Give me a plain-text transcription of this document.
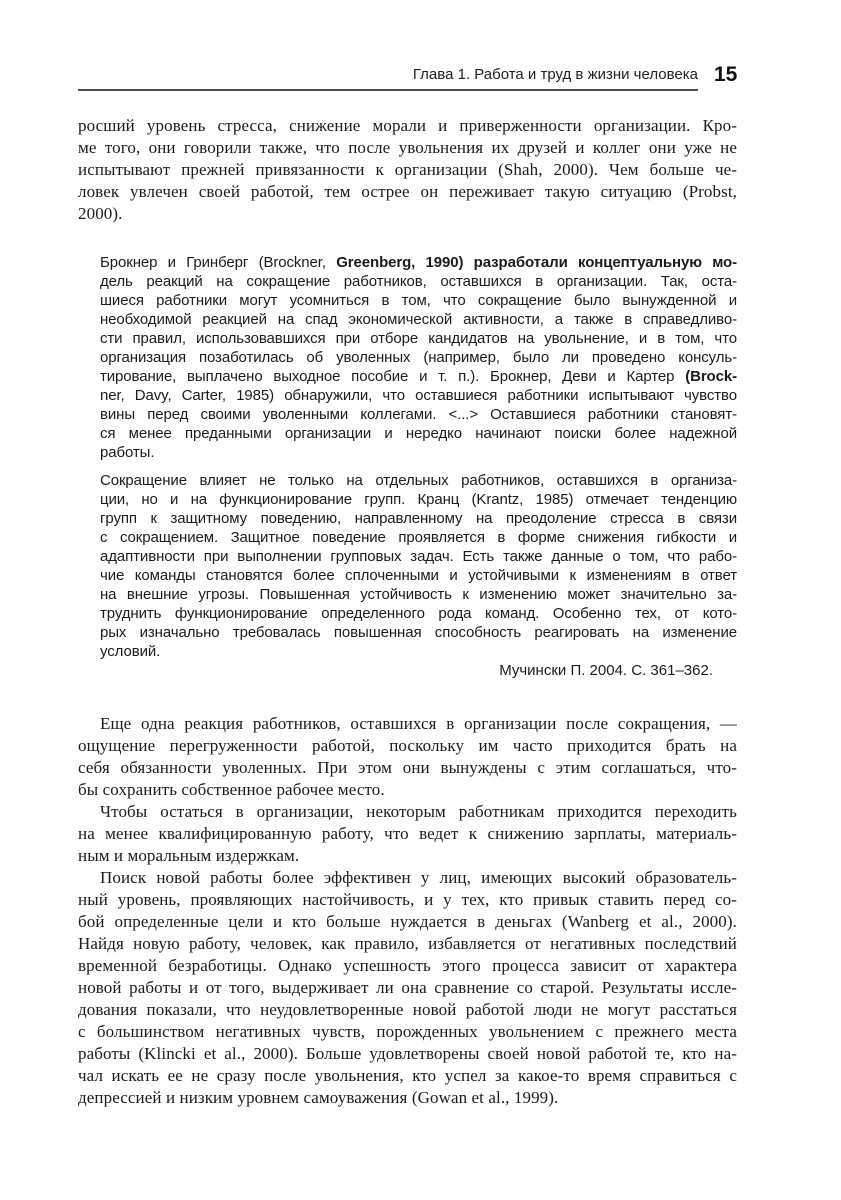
Глава 1. Работа и труд в жизни человека 15
росший уровень стресса, снижение морали и приверженности организации. Кро-
ме того, они говорили также, что после увольнения их друзей и коллег они уже не
испытывают прежней привязанности к организации (Shah, 2000). Чем больше че-
ловек увлечен своей работой, тем острее он переживает такую ситуацию (Probst,
2000).
Брокнер и Гринберг (Brockner, Greenberg, 1990) разработали концептуальную мо-
дель реакций на сокращение работников, оставшихся в организации. Так, оста-
шиеся работники могут усомниться в том, что сокращение было вынужденной и
необходимой реакцией на спад экономической активности, а также в справедливо-
сти правил, использовавшихся при отборе кандидатов на увольнение, и в том, что
организация позаботилась об уволенных (например, было ли проведено консуль-
тирование, выплачено выходное пособие и т. п.). Брокнер, Деви и Картер (Brock-
ner, Davy, Carter, 1985) обнаружили, что оставшиеся работники испытывают чувство
вины перед своими уволенными коллегами. <...> Оставшиеся работники становят-
ся менее преданными организации и нередко начинают поиски более надежной
работы.
Сокращение влияет не только на отдельных работников, оставшихся в организа-
ции, но и на функционирование групп. Кранц (Krantz, 1985) отмечает тенденцию
групп к защитному поведению, направленному на преодоление стресса в связи
с сокращением. Защитное поведение проявляется в форме снижения гибкости и
адаптивности при выполнении групповых задач. Есть также данные о том, что рабо-
чие команды становятся более сплоченными и устойчивыми к изменениям в ответ
на внешние угрозы. Повышенная устойчивость к изменению может значительно за-
труднить функционирование определенного рода команд. Особенно тех, от кото-
рых изначально требовалась повышенная способность реагировать на изменение
условий.
Мучински П. 2004. С. 361–362.
Еще одна реакция работников, оставшихся в организации после сокращения, —
ощущение перегруженности работой, поскольку им часто приходится брать на
себя обязанности уволенных. При этом они вынуждены с этим соглашаться, что-
бы сохранить собственное рабочее место.
Чтобы остаться в организации, некоторым работникам приходится переходить
на менее квалифицированную работу, что ведет к снижению зарплаты, материаль-
ным и моральным издержкам.
Поиск новой работы более эффективен у лиц, имеющих высокий образователь-
ный уровень, проявляющих настойчивость, и у тех, кто привык ставить перед со-
бой определенные цели и кто больше нуждается в деньгах (Wanberg et al., 2000).
Найдя новую работу, человек, как правило, избавляется от негативных последствий
временной безработицы. Однако успешность этого процесса зависит от характера
новой работы и от того, выдерживает ли она сравнение со старой. Результаты иссле-
дования показали, что неудовлетворенные новой работой люди не могут расстаться
с большинством негативных чувств, порожденных увольнением с прежнего места
работы (Klincki et al., 2000). Больше удовлетворены своей новой работой те, кто на-
чал искать ее не сразу после увольнения, кто успел за какое-то время справиться с
депрессией и низким уровнем самоуважения (Gowan et al., 1999).
